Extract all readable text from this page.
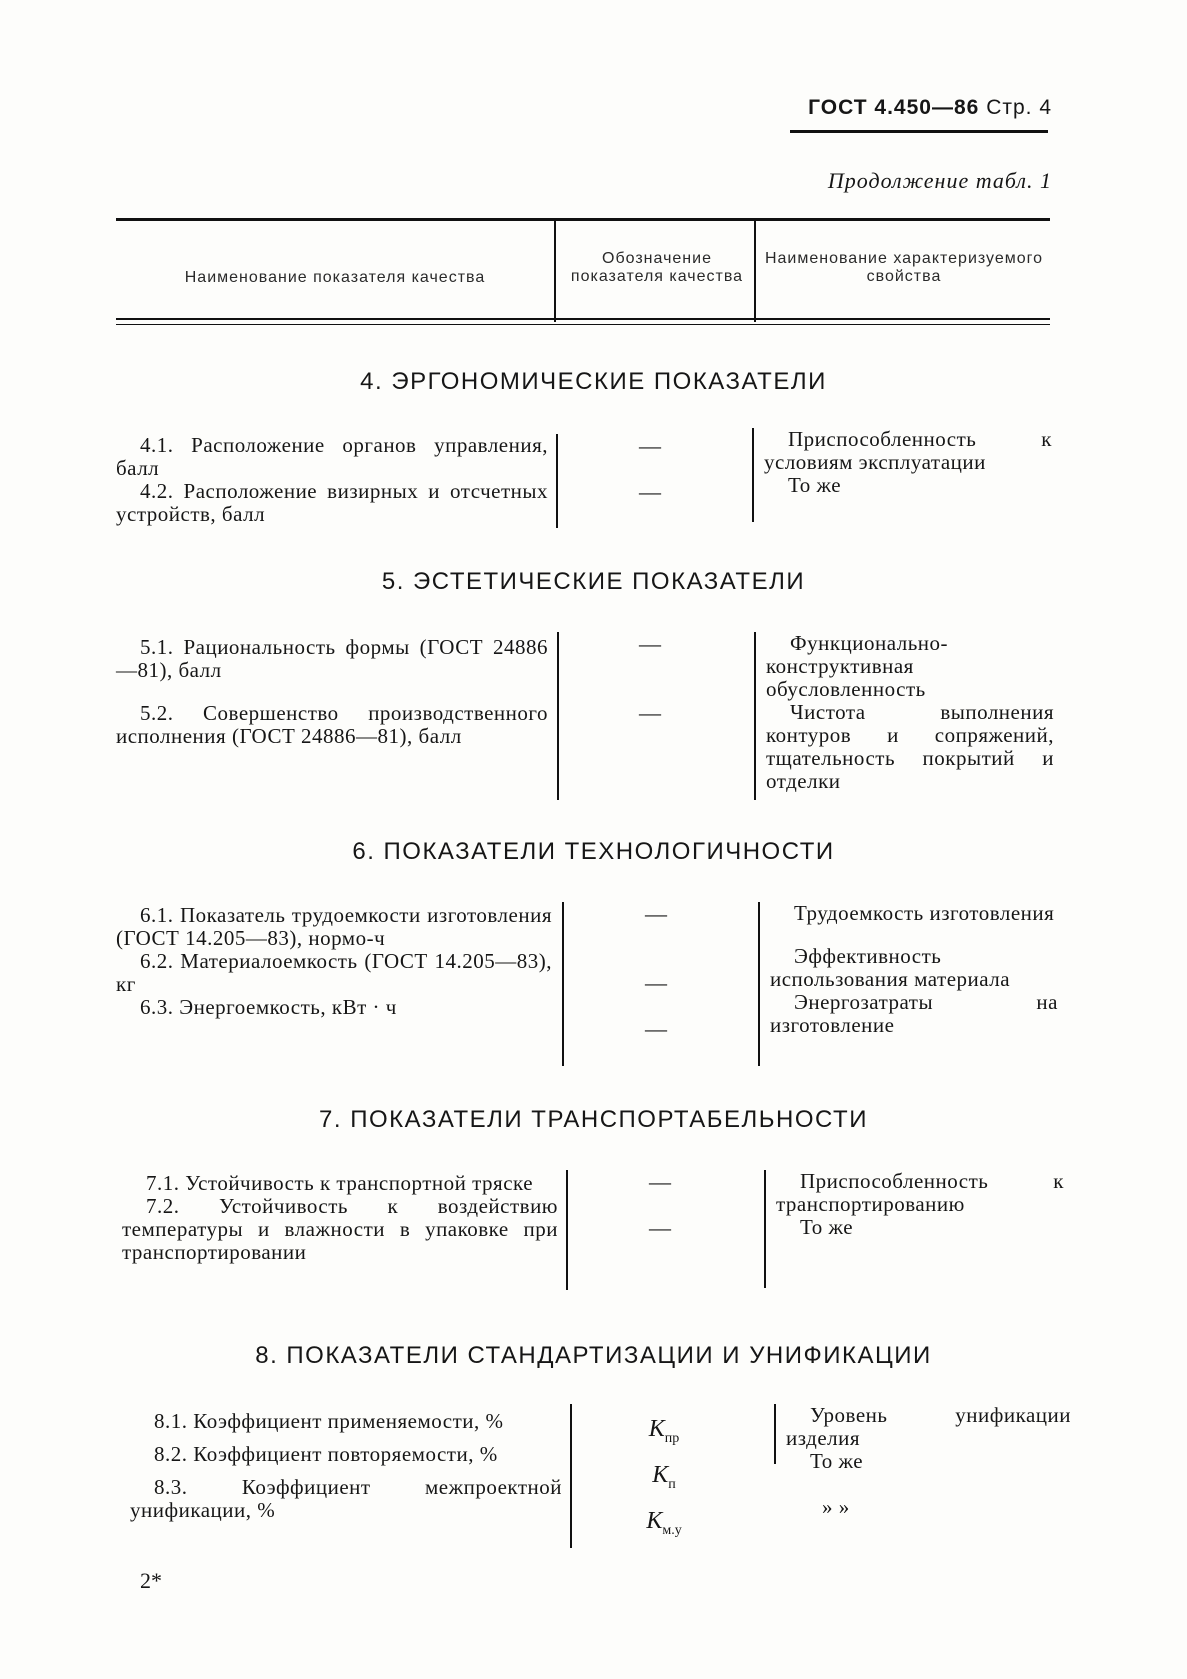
ГОСТ 4.450—86 Стр. 4
Продолжение табл. 1
Наименование показателя качества
Обозначение показателя качества
Наименование характеризуемого свойства
4. ЭРГОНОМИЧЕСКИЕ ПОКАЗАТЕЛИ

4.1. Расположение органов управления, балл

4.2. Расположение визирных и отсчетных устройств, балл

—
—

Приспособленность к условиям эксплуатации

То же

5. ЭСТЕТИЧЕСКИЕ ПОКАЗАТЕЛИ

5.1. Рациональность формы (ГОСТ 24886—81), балл

5.2. Совершенство производственного исполнения (ГОСТ 24886—81), балл

—
—

Функционально-конструктивная обусловленность

Чистота выполнения контуров и сопряжений, тщательность покрытий и отделки

6. ПОКАЗАТЕЛИ ТЕХНОЛОГИЧНОСТИ

6.1. Показатель трудоемкости изготовления (ГОСТ 14.205—83), нормо-ч

6.2. Материалоемкость (ГОСТ 14.205—83), кг

6.3. Энергоемкость, кВт · ч

—
—
—

Трудоемкость изготовления

Эффективность использования материала

Энергозатраты на изготовление

7. ПОКАЗАТЕЛИ ТРАНСПОРТАБЕЛЬНОСТИ

7.1. Устойчивость к транспортной тряске

7.2. Устойчивость к воздействию температуры и влажности в упаковке при транспортировании

—
—

Приспособленность к транспортированию

То же

8. ПОКАЗАТЕЛИ СТАНДАРТИЗАЦИИ И УНИФИКАЦИИ

8.1. Коэффициент применяемости, %

8.2. Коэффициент повторяемости, %

8.3. Коэффициент межпроектной унификации, %

$K_{пр}$
$K_п$
$K_{м.у}$

Уровень унификации изделия

То же

» »

2*
